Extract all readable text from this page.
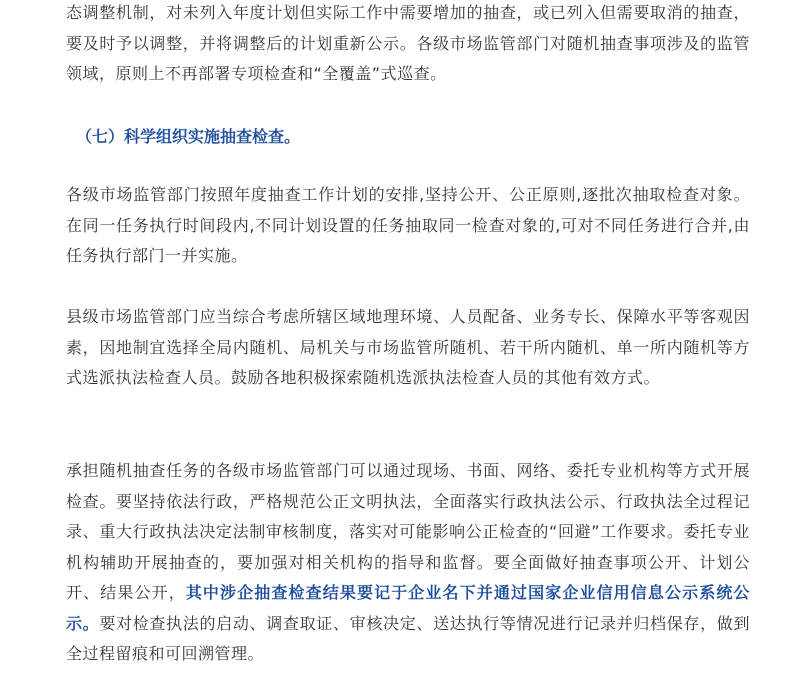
态调整机制，对未列入年度计划但实际工作中需要增加的抽查，或已列入但需要取消的抽查，要及时予以调整，并将调整后的计划重新公示。各级市场监管部门对随机抽查事项涉及的监管领域，原则上不再部署专项检查和“全覆盖”式巡查。

（七）科学组织实施抽查检查。

各级市场监管部门按照年度抽查工作计划的安排,坚持公开、公正原则,逐批次抽取检查对象。在同一任务执行时间段内,不同计划设置的任务抽取同一检查对象的,可对不同任务进行合并,由任务执行部门一并实施。

县级市场监管部门应当综合考虑所辖区域地理环境、人员配备、业务专长、保障水平等客观因素，因地制宜选择全局内随机、局机关与市场监管所随机、若干所内随机、单一所内随机等方式选派执法检查人员。鼓励各地积极探索随机选派执法检查人员的其他有效方式。

承担随机抽查任务的各级市场监管部门可以通过现场、书面、网络、委托专业机构等方式开展检查。要坚持依法行政，严格规范公正文明执法，全面落实行政执法公示、行政执法全过程记录、重大行政执法决定法制审核制度，落实对可能影响公正检查的“回避”工作要求。委托专业机构辅助开展抽查的，要加强对相关机构的指导和监督。要全面做好抽查事项公开、计划公开、结果公开，其中涉企抽查检查结果要记于企业名下并通过国家企业信用信息公示系统公示。要对检查执法的启动、调查取证、审核决定、送达执行等情况进行记录并归档保存，做到全过程留痕和可回溯管理。
